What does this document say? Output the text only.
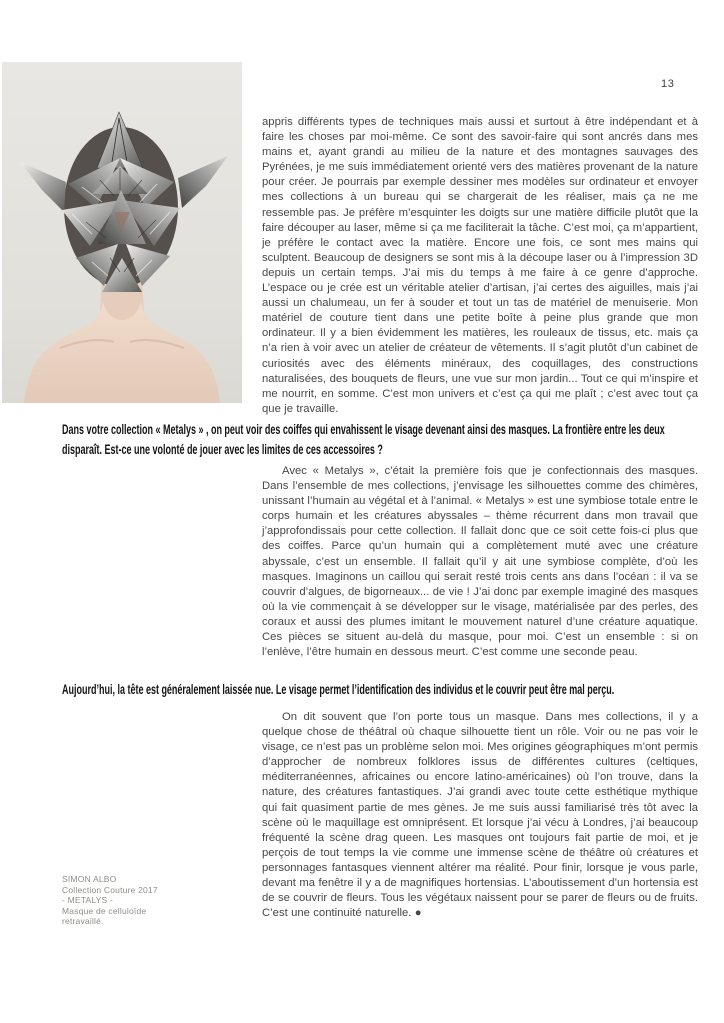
13
appris différents types de techniques mais aussi et surtout à être indépendant et à faire les choses par moi-même. Ce sont des savoir-faire qui sont ancrés dans mes mains et, ayant grandi au milieu de la nature et des montagnes sauvages des Pyrénées, je me suis immédiatement orienté vers des matières provenant de la nature pour créer. Je pourrais par exemple dessiner mes modèles sur ordinateur et envoyer mes collections à un bureau qui se chargerait de les réaliser, mais ça ne me ressemble pas. Je préfère m’esquinter les doigts sur une matière difficile plutôt que la faire découper au laser, même si ça me faciliterait la tâche. C’est moi, ça m’appartient, je préfère le contact avec la matière. Encore une fois, ce sont mes mains qui sculptent. Beaucoup de designers se sont mis à la découpe laser ou à l’impression 3D depuis un certain temps. J’ai mis du temps à me faire à ce genre d’approche. L’espace ou je crée est un véritable atelier d’artisan, j’ai certes des aiguilles, mais j’ai aussi un chalumeau, un fer à souder et tout un tas de matériel de menuiserie. Mon matériel de couture tient dans une petite boîte à peine plus grande que mon ordinateur. Il y a bien évidemment les matières, les rouleaux de tissus, etc. mais ça n’a rien à voir avec un atelier de créateur de vêtements. Il s’agit plutôt d’un cabinet de curiosités avec des éléments minéraux, des coquillages, des constructions naturalisées, des bouquets de fleurs, une vue sur mon jardin... Tout ce qui m’inspire et me nourrit, en somme. C’est mon univers et c’est ça qui me plaît ; c’est avec tout ça que je travaille.
Dans votre collection « Metalys » , on peut voir des coiffes qui envahissent le visage devenant ainsi des masques. La frontière entre les deux disparaît. Est-ce une volonté de jouer avec les limites de ces accessoires ?
Avec « Metalys », c’était la première fois que je confectionnais des masques. Dans l’ensemble de mes collections, j’envisage les silhouettes comme des chimères, unissant l’humain au végétal et à l’animal. « Metalys » est une symbiose totale entre le corps humain et les créatures abyssales – thème récurrent dans mon travail que j’approfondissais pour cette collection. Il fallait donc que ce soit cette fois-ci plus que des coiffes. Parce qu’un humain qui a complètement muté avec une créature abyssale, c’est un ensemble. Il fallait qu’il y ait une symbiose complète, d’où les masques. Imaginons un caillou qui serait resté trois cents ans dans l’océan : il va se couvrir d’algues, de bigorneaux... de vie ! J’ai donc par exemple imaginé des masques où la vie commençait à se développer sur le visage, matérialisée par des perles, des coraux et aussi des plumes imitant le mouvement naturel d’une créature aquatique. Ces pièces se situent au-delà du masque, pour moi. C’est un ensemble : si on l’enlève, l’être humain en dessous meurt. C’est comme une seconde peau.
Aujourd’hui, la tête est généralement laissée nue. Le visage permet l’identification des individus et le couvrir peut être mal perçu.
On dit souvent que l’on porte tous un masque. Dans mes collections, il y a quelque chose de théâtral où chaque silhouette tient un rôle. Voir ou ne pas voir le visage, ce n’est pas un problème selon moi. Mes origines géographiques m’ont permis d’approcher de nombreux folklores issus de différentes cultures (celtiques, méditerranéennes, africaines ou encore latino-américaines) où l’on trouve, dans la nature, des créatures fantastiques. J’ai grandi avec toute cette esthétique mythique qui fait quasiment partie de mes gènes. Je me suis aussi familiarisé très tôt avec la scène où le maquillage est omniprésent. Et lorsque j’ai vécu à Londres, j’ai beaucoup fréquenté la scène drag queen. Les masques ont toujours fait partie de moi, et je perçois de tout temps la vie comme une immense scène de théâtre où créatures et personnages fantasques viennent altérer ma réalité. Pour finir, lorsque je vous parle, devant ma fenêtre il y a de magnifiques hortensias. L’aboutissement d’un hortensia est de se couvrir de fleurs. Tous les végétaux naissent pour se parer de fleurs ou de fruits. C’est une continuité naturelle. ●
SIMON ALBO
Collection Couture 2017
- METALYS -
Masque de celluloïde
retravaillé.
